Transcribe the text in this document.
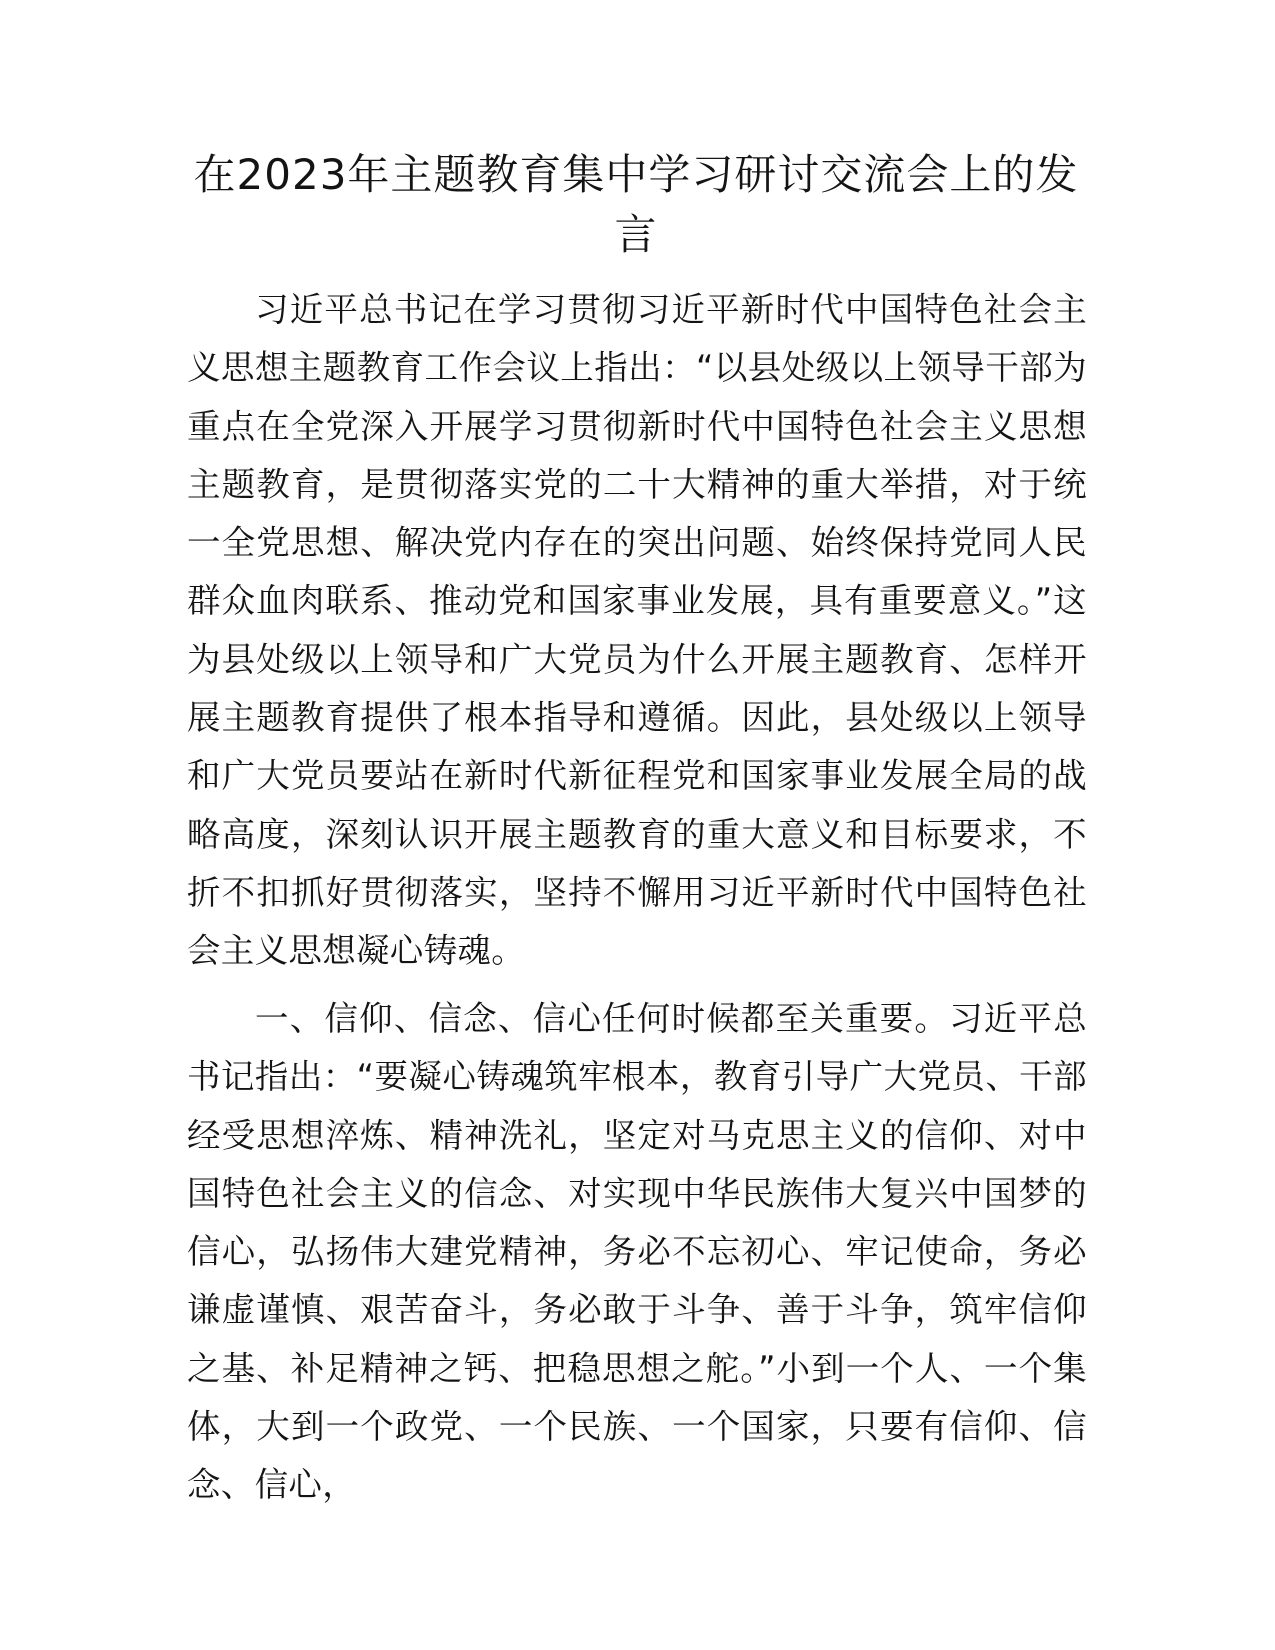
在2023年主题教育集中学习研讨交流会上的发言

习近平总书记在学习贯彻习近平新时代中国特色社会主义思想主题教育工作会议上指出：“以县处级以上领导干部为重点在全党深入开展学习贯彻新时代中国特色社会主义思想主题教育，是贯彻落实党的二十大精神的重大举措，对于统一全党思想、解决党内存在的突出问题、始终保持党同人民群众血肉联系、推动党和国家事业发展，具有重要意义。”这为县处级以上领导和广大党员为什么开展主题教育、怎样开展主题教育提供了根本指导和遵循。因此，县处级以上领导和广大党员要站在新时代新征程党和国家事业发展全局的战略高度，深刻认识开展主题教育的重大意义和目标要求，不折不扣抓好贯彻落实，坚持不懈用习近平新时代中国特色社会主义思想凝心铸魂。

一、信仰、信念、信心任何时候都至关重要。习近平总书记指出：“要凝心铸魂筑牢根本，教育引导广大党员、干部经受思想淬炼、精神洗礼，坚定对马克思主义的信仰、对中国特色社会主义的信念、对实现中华民族伟大复兴中国梦的信心，弘扬伟大建党精神，务必不忘初心、牢记使命，务必谦虚谨慎、艰苦奋斗，务必敢于斗争、善于斗争，筑牢信仰之基、补足精神之钙、把稳思想之舵。”小到一个人、一个集体，大到一个政党、一个民族、一个国家，只要有信仰、信念、信心，
